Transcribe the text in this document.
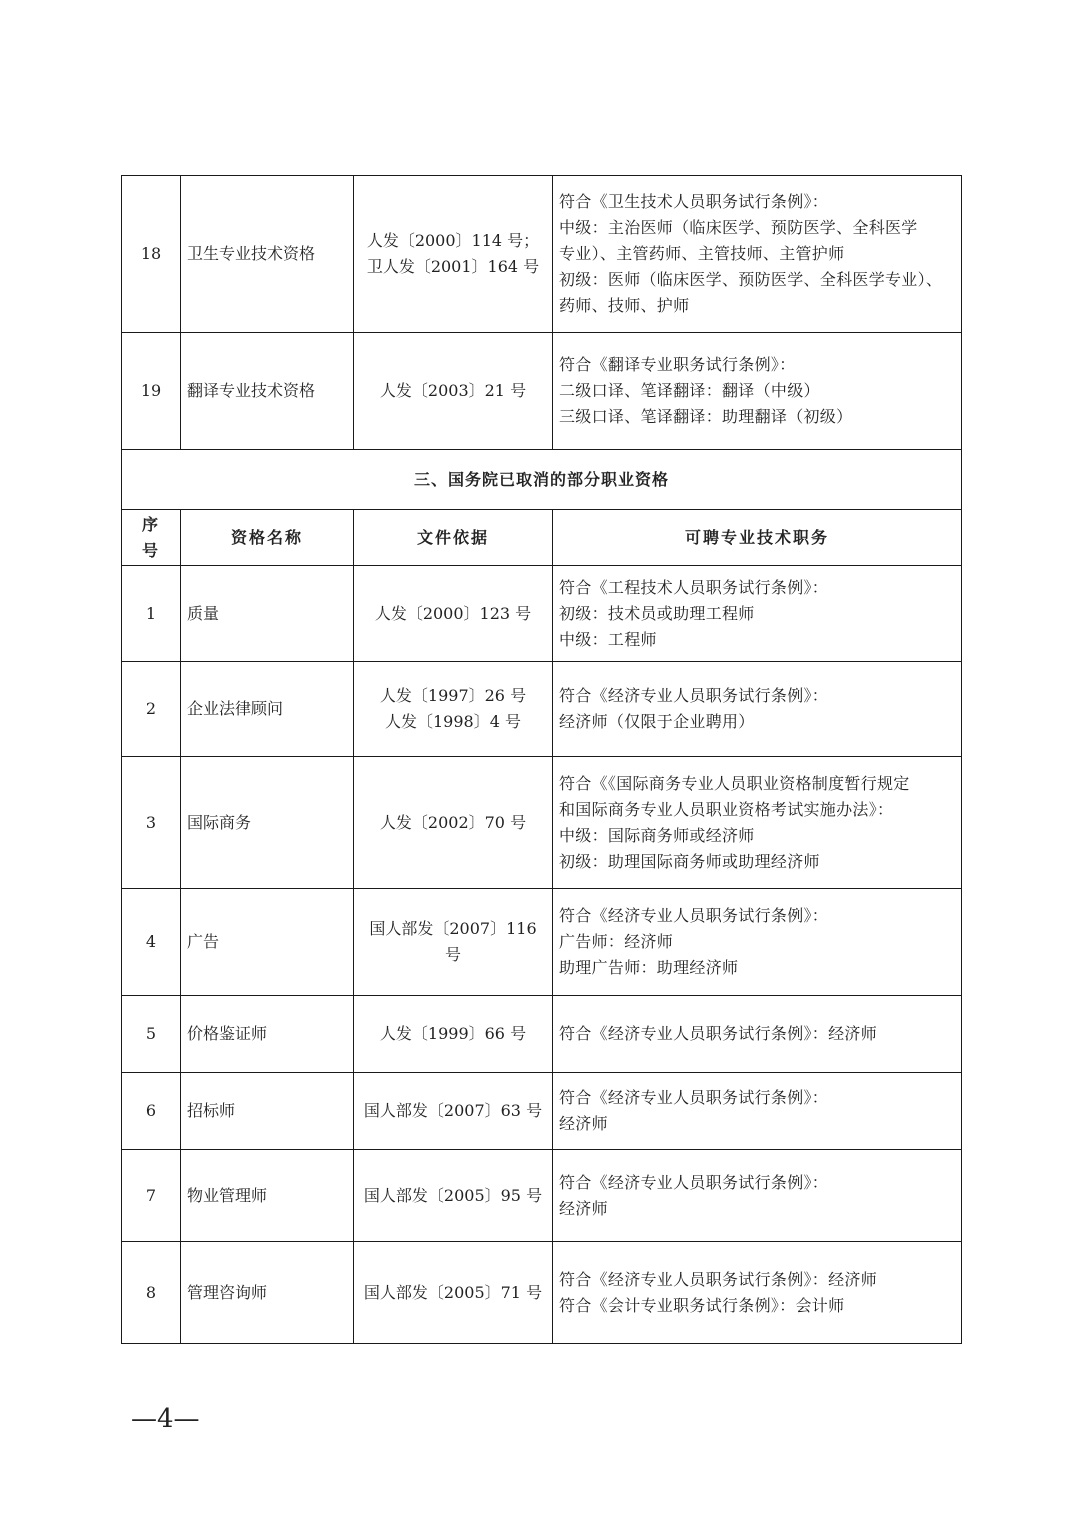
18	卫生专业技术资格	人发〔2000〕114 号；
卫人发〔2001〕164 号	符合《卫生技术人员职务试行条例》：
中级：主治医师（临床医学、预防医学、全科医学
专业）、主管药师、主管技师、主管护师
初级：医师（临床医学、预防医学、全科医学专业）、
药师、技师、护师

19	翻译专业技术资格	人发〔2003〕21 号	符合《翻译专业职务试行条例》：
二级口译、笔译翻译：翻译（中级）
三级口译、笔译翻译：助理翻译（初级）

三、国务院已取消的部分职业资格			

序
号	资格名称	文件依据	可聘专业技术职务
1	质量	人发〔2000〕123 号	符合《工程技术人员职务试行条例》：
初级：技术员或助理工程师
中级：工程师

2	企业法律顾问	人发〔1997〕26 号
人发〔1998〕4 号	符合《经济专业人员职务试行条例》：
经济师（仅限于企业聘用）

3	国际商务	人发〔2002〕70 号	符合《《国际商务专业人员职业资格制度暂行规定
和国际商务专业人员职业资格考试实施办法》：
中级：国际商务师或经济师
初级：助理国际商务师或助理经济师

4	广告	国人部发〔2007〕116
号	符合《经济专业人员职务试行条例》：
广告师：经济师
助理广告师：助理经济师

5	价格鉴证师	人发〔1999〕66 号	符合《经济专业人员职务试行条例》：经济师

6	招标师	国人部发〔2007〕63 号	符合《经济专业人员职务试行条例》：
经济师

7	物业管理师	国人部发〔2005〕95 号	符合《经济专业人员职务试行条例》：
经济师

8	管理咨询师	国人部发〔2005〕71 号	符合《经济专业人员职务试行条例》：经济师
符合《会计专业职务试行条例》：会计师
—4—
